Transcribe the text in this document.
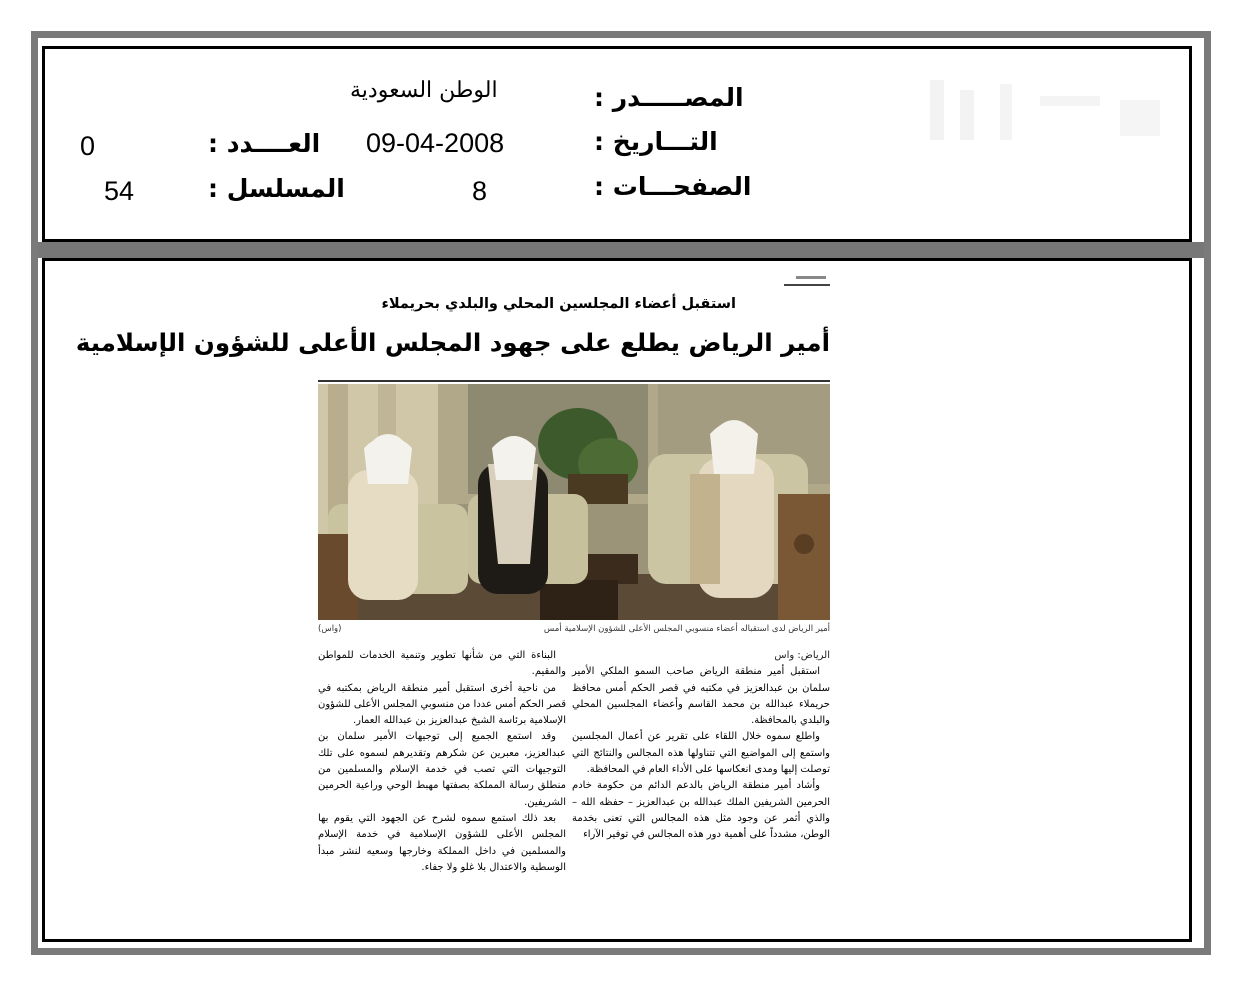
الوطن السعودية	المصـــــدر :
09-04-2008	التـــاريخ :
8	الصفحـــات :
0	العــــدد :
54	المسلسل :
استقبل أعضاء المجلسين المحلي والبلدي بحريملاء
أمير الرياض يطلع على جهود المجلس الأعلى للشؤون الإسلامية
أمير الرياض لدى استقباله أعضاء منسوبي المجلس الأعلى للشؤون الإسلامية أمس
(واس)

الرياض: واس

استقبل أمير منطقة الرياض صاحب السمو الملكي الأمير سلمان بن عبدالعزيز في مكتبه في قصر الحكم أمس محافظ حريملاء عبدالله بن محمد القاسم وأعضاء المجلسين المحلي والبلدي بالمحافظة.

واطلع سموه خلال اللقاء على تقرير عن أعمال المجلسين واستمع إلى المواضيع التي تتناولها هذه المجالس والنتائج التي توصلت إليها ومدى انعكاسها على الأداء العام في المحافظة.

وأشاد أمير منطقة الرياض بالدعم الدائم من حكومة خادم الحرمين الشريفين الملك عبدالله بن عبدالعزيز – حفظه الله – والذي أثمر عن وجود مثل هذه المجالس التي تعنى بخدمة الوطن، مشدداً على أهمية دور هذه المجالس في توفير الآراء

البناءة التي من شأنها تطوير وتنمية الخدمات للمواطن والمقيم.

من ناحية أخرى استقبل أمير منطقة الرياض بمكتبه في قصر الحكم أمس عددا من منسوبي المجلس الأعلى للشؤون الإسلامية برئاسة الشيخ عبدالعزيز بن عبدالله العمار.

وقد استمع الجميع إلى توجيهات الأمير سلمان بن عبدالعزيز، معبرين عن شكرهم وتقديرهم لسموه على تلك التوجيهات التي تصب في خدمة الإسلام والمسلمين من منطلق رسالة المملكة بصفتها مهبط الوحي وراعية الحرمين الشريفين.

بعد ذلك استمع سموه لشرح عن الجهود التي يقوم بها المجلس الأعلى للشؤون الإسلامية في خدمة الإسلام والمسلمين في داخل المملكة وخارجها وسعيه لنشر مبدأ الوسطية والاعتدال بلا غلو ولا جفاء.
